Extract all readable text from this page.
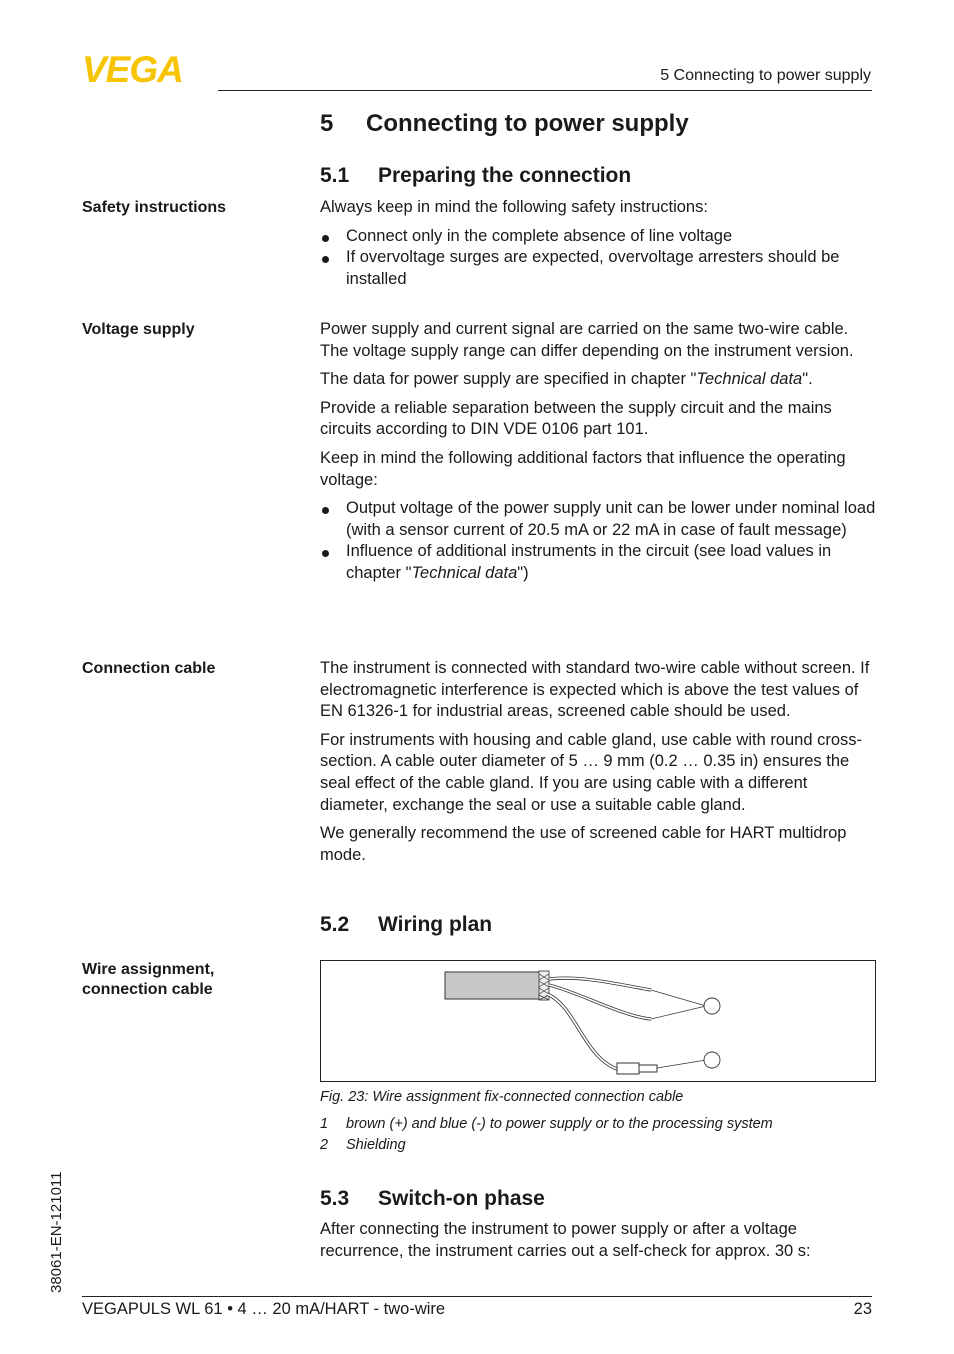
VEGA	5 Connecting to power supply
5 Connecting to power supply
5.1 Preparing the connection
Safety instructions	Always keep in mind the following safety instructions:

Connect only in the complete absence of line voltage
If overvoltage surges are expected, overvoltage arresters should be installed
Voltage supply	Power supply and current signal are carried on the same two-wire cable. The voltage supply range can differ depending on the instrument version.

The data for power supply are specified in chapter "Technical data".

Provide a reliable separation between the supply circuit and the mains circuits according to DIN VDE 0106 part 101.

Keep in mind the following additional factors that influence the operating voltage:

Output voltage of the power supply unit can be lower under nominal load (with a sensor current of 20.5 mA or 22 mA in case of fault message)
Influence of additional instruments in the circuit (see load values in chapter "Technical data")
Connection cable	The instrument is connected with standard two-wire cable without screen. If electromagnetic interference is expected which is above the test values of EN 61326-1 for industrial areas, screened cable should be used.

For instruments with housing and cable gland, use cable with round cross-section. A cable outer diameter of 5 … 9 mm (0.2 … 0.35 in) ensures the seal effect of the cable gland. If you are using cable with a different diameter, exchange the seal or use a suitable cable gland.

We generally recommend the use of screened cable for HART multidrop mode.

5.2 Wiring plan
Wire assignment, connection cable
Fig. 23: Wire assignment fix-connected connection cable
1 brown (+) and blue (-) to power supply or to the processing system
2 Shielding
5.3 Switch-on phase

After connecting the instrument to power supply or after a voltage recurrence, the instrument carries out a self-check for approx. 30 s:

38061-EN-121011
VEGAPULS WL 61 • 4 … 20 mA/HART - two-wire	23
